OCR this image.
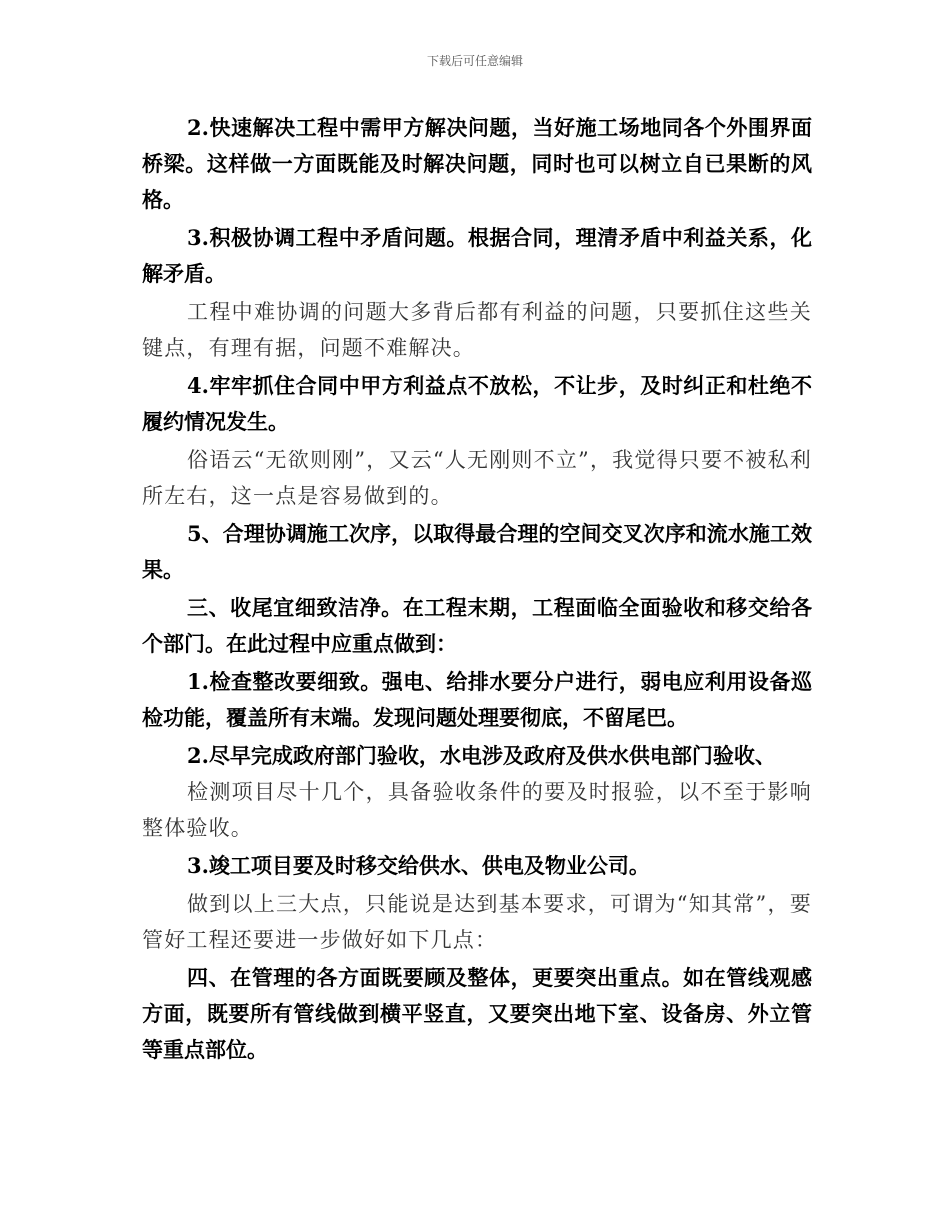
下载后可任意编辑

2.快速解决工程中需甲方解决问题，当好施工场地同各个外围界面桥梁。这样做一方面既能及时解决问题，同时也可以树立自已果断的风格。

3.积极协调工程中矛盾问题。根据合同，理清矛盾中利益关系，化解矛盾。

工程中难协调的问题大多背后都有利益的问题，只要抓住这些关键点，有理有据，问题不难解决。

4.牢牢抓住合同中甲方利益点不放松，不让步，及时纠正和杜绝不履约情况发生。

俗语云“无欲则刚”，又云“人无刚则不立”，我觉得只要不被私利所左右，这一点是容易做到的。

5、合理协调施工次序，以取得最合理的空间交叉次序和流水施工效果。

三、收尾宜细致洁净。在工程末期，工程面临全面验收和移交给各个部门。在此过程中应重点做到：

1.检查整改要细致。强电、给排水要分户进行，弱电应利用设备巡检功能，覆盖所有末端。发现问题处理要彻底，不留尾巴。

2.尽早完成政府部门验收，水电涉及政府及供水供电部门验收、

检测项目尽十几个，具备验收条件的要及时报验，以不至于影响整体验收。

3.竣工项目要及时移交给供水、供电及物业公司。

做到以上三大点，只能说是达到基本要求，可谓为“知其常”，要管好工程还要进一步做好如下几点：

四、在管理的各方面既要顾及整体，更要突出重点。如在管线观感方面，既要所有管线做到横平竖直，又要突出地下室、设备房、外立管等重点部位。
